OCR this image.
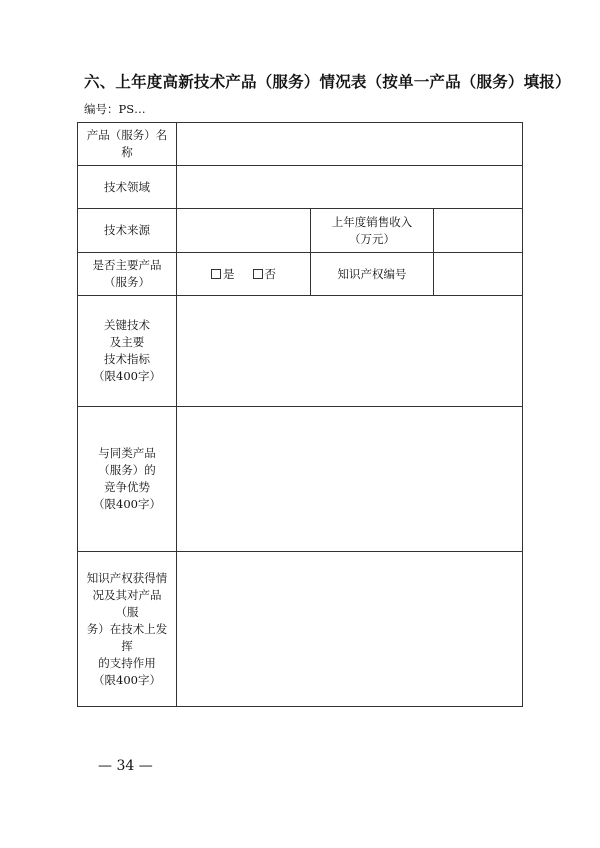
六、上年度高新技术产品（服务）情况表（按单一产品（服务）填报）
编号：PS…
产品（服务）名称			
技术领域			
技术来源		上年度销售收入
（万元）	
是否主要产品
（服务）	是 否	知识产权编号	
关键技术
及主要
技术指标
（限400字）			
与同类产品
（服务）的
竞争优势
（限400字）			
知识产权获得情
况及其对产品（服
务）在技术上发挥
的支持作用
（限400字）			
— 34 —
